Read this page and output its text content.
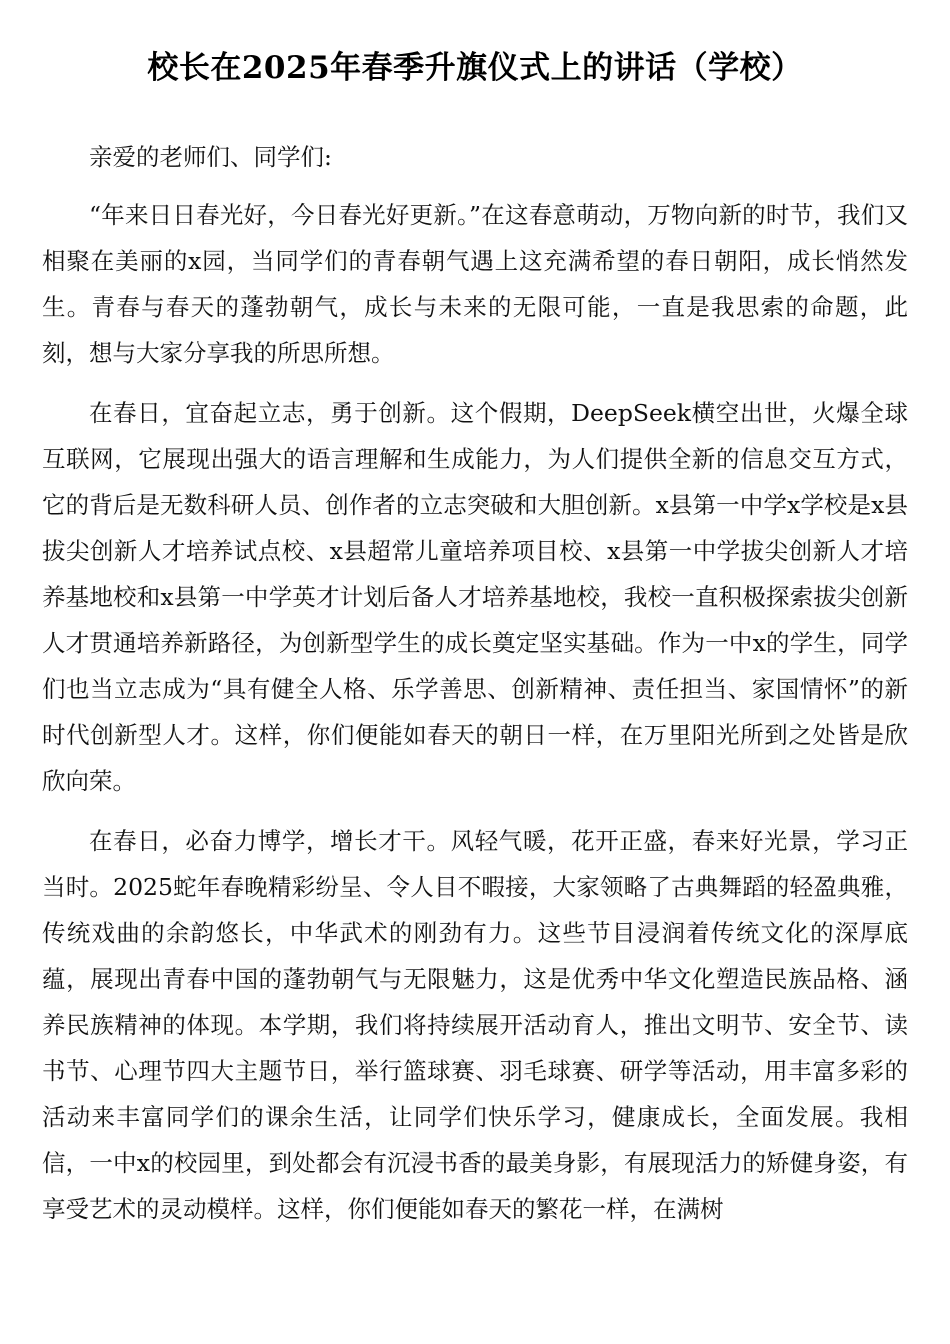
校长在2025年春季升旗仪式上的讲话（学校）

亲爱的老师们、同学们:

“年来日日春光好，今日春光好更新。”在这春意萌动，万物向新的时节，我们又相聚在美丽的x园，当同学们的青春朝气遇上这充满希望的春日朝阳，成长悄然发生。青春与春天的蓬勃朝气，成长与未来的无限可能，一直是我思索的命题，此刻，想与大家分享我的所思所想。

在春日，宜奋起立志，勇于创新。这个假期，DeepSeek横空出世，火爆全球互联网，它展现出强大的语言理解和生成能力，为人们提供全新的信息交互方式，它的背后是无数科研人员、创作者的立志突破和大胆创新。x县第一中学x学校是x县拔尖创新人才培养试点校、x县超常儿童培养项目校、x县第一中学拔尖创新人才培养基地校和x县第一中学英才计划后备人才培养基地校，我校一直积极探索拔尖创新人才贯通培养新路径，为创新型学生的成长奠定坚实基础。作为一中x的学生，同学们也当立志成为“具有健全人格、乐学善思、创新精神、责任担当、家国情怀”的新时代创新型人才。这样，你们便能如春天的朝日一样，在万里阳光所到之处皆是欣欣向荣。

在春日，必奋力博学，增长才干。风轻气暖，花开正盛，春来好光景，学习正当时。2025蛇年春晚精彩纷呈、令人目不暇接，大家领略了古典舞蹈的轻盈典雅，传统戏曲的余韵悠长，中华武术的刚劲有力。这些节目浸润着传统文化的深厚底蕴，展现出青春中国的蓬勃朝气与无限魅力，这是优秀中华文化塑造民族品格、涵养民族精神的体现。本学期，我们将持续展开活动育人，推出文明节、安全节、读书节、心理节四大主题节日，举行篮球赛、羽毛球赛、研学等活动，用丰富多彩的活动来丰富同学们的课余生活，让同学们快乐学习，健康成长，全面发展。我相信，一中x的校园里，到处都会有沉浸书香的最美身影，有展现活力的矫健身姿，有享受艺术的灵动模样。这样，你们便能如春天的繁花一样，在满树
